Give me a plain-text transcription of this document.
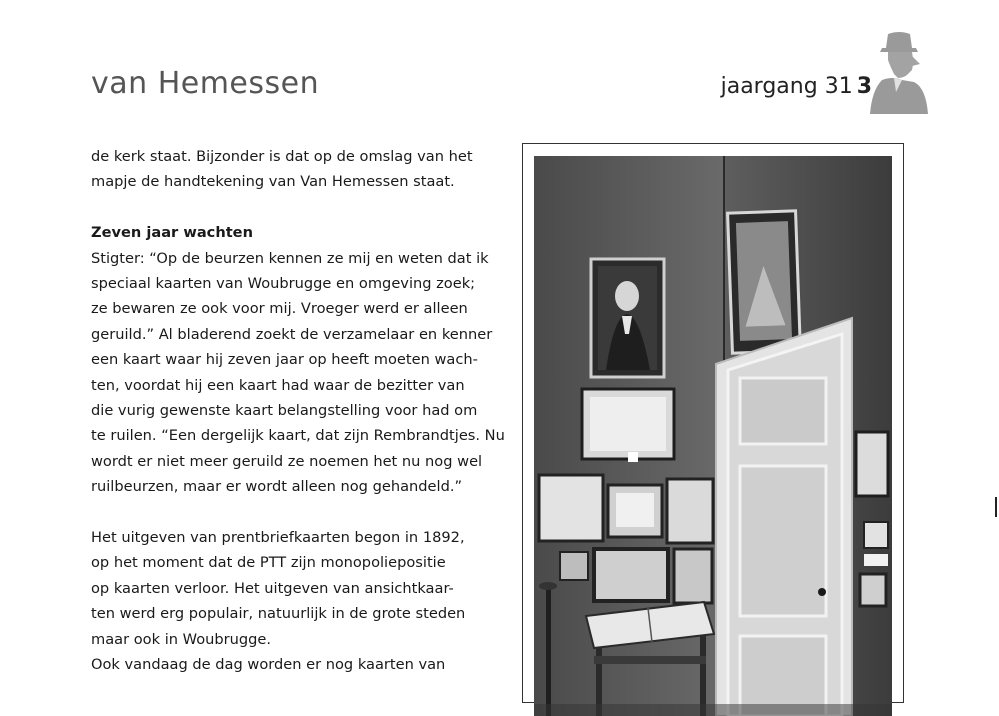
van Hemessen	jaargang 31 3

de kerk staat. Bijzonder is dat op de omslag van het

mapje de handtekening van Van Hemessen staat.

Zeven jaar wachten

Stigter: “Op de beurzen kennen ze mij en weten dat ik

speciaal kaarten van Woubrugge en omgeving zoek;

ze bewaren ze ook voor mij. Vroeger werd er alleen

geruild.” Al bladerend zoekt de verzamelaar en kenner

een kaart waar hij zeven jaar op heeft moeten wach-

ten, voordat hij een kaart had waar de bezitter van

die vurig gewenste kaart belangstelling voor had om

te ruilen. “Een dergelijk kaart, dat zijn Rembrandtjes. Nu

wordt er niet meer geruild ze noemen het nu nog wel

ruilbeurzen, maar er wordt alleen nog gehandeld.”

Het uitgeven van prentbriefkaarten begon in 1892,

op het moment dat de PTT zijn monopoliepositie

op kaarten verloor. Het uitgeven van ansichtkaar-

ten werd erg populair, natuurlijk in de grote steden

maar ook in Woubrugge.

Ook vandaag de dag worden er nog kaarten van
